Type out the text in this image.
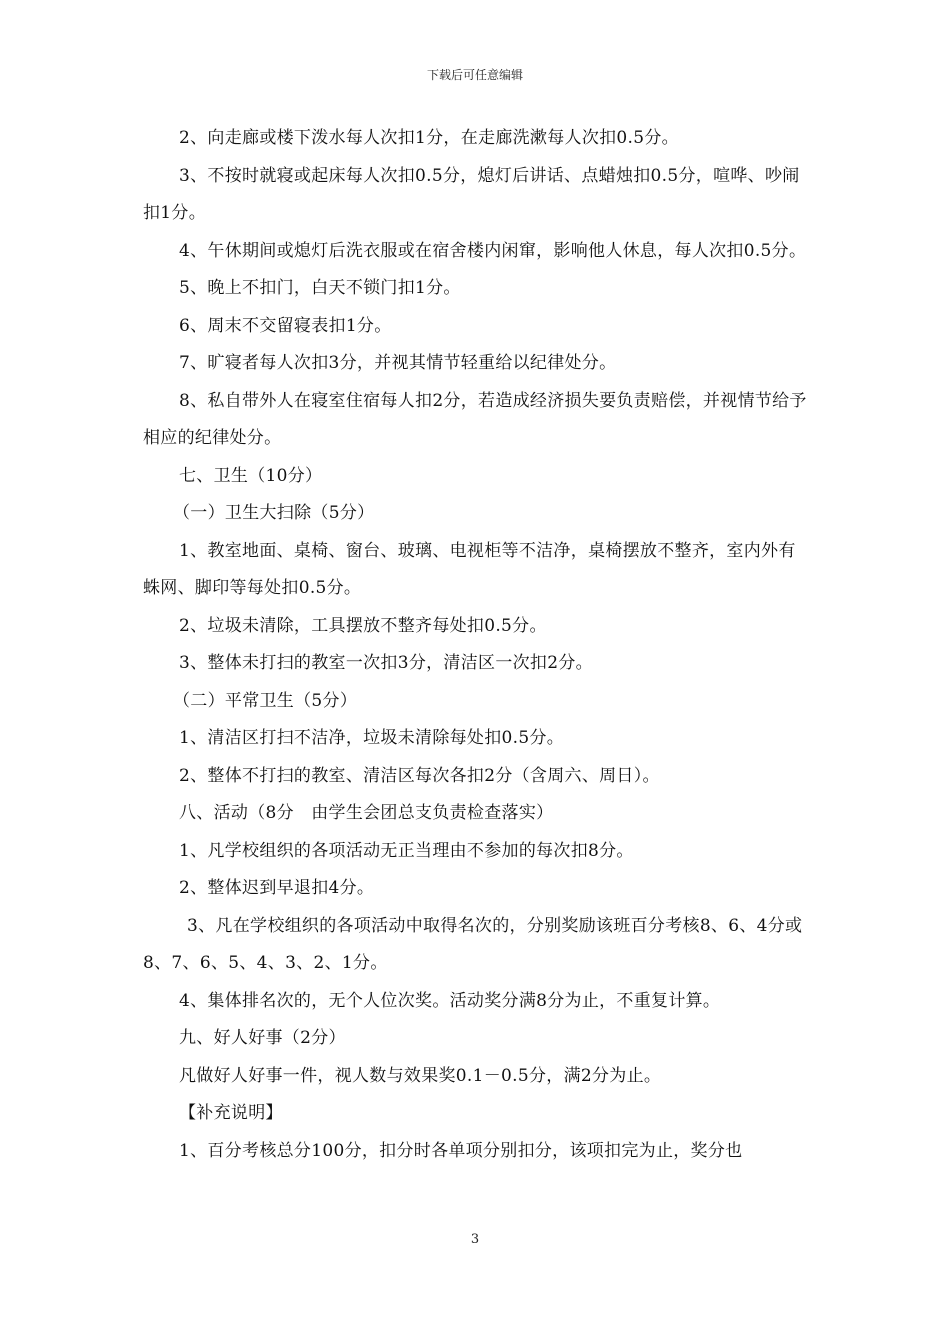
下载后可任意编辑

2、向走廊或楼下泼水每人次扣1分，在走廊洗漱每人次扣0.5分。

3、不按时就寝或起床每人次扣0.5分，熄灯后讲话、点蜡烛扣0.5分，喧哗、吵闹扣1分。

4、午休期间或熄灯后洗衣服或在宿舍楼内闲窜，影响他人休息，每人次扣0.5分。

5、晚上不扣门，白天不锁门扣1分。

6、周末不交留寝表扣1分。

7、旷寝者每人次扣3分，并视其情节轻重给以纪律处分。

8、私自带外人在寝室住宿每人扣2分，若造成经济损失要负责赔偿，并视情节给予相应的纪律处分。

七、卫生（10分）

（一）卫生大扫除（5分）

1、教室地面、桌椅、窗台、玻璃、电视柜等不洁净，桌椅摆放不整齐，室内外有蛛网、脚印等每处扣0.5分。

2、垃圾未清除，工具摆放不整齐每处扣0.5分。

3、整体未打扫的教室一次扣3分，清洁区一次扣2分。

（二）平常卫生（5分）

1、清洁区打扫不洁净，垃圾未清除每处扣0.5分。

2、整体不打扫的教室、清洁区每次各扣2分（含周六、周日）。

八、活动（8分　由学生会团总支负责检查落实）

1、凡学校组织的各项活动无正当理由不参加的每次扣8分。

2、整体迟到早退扣4分。

3、凡在学校组织的各项活动中取得名次的，分别奖励该班百分考核8、6、4分或8、7、6、5、4、3、2、1分。

4、集体排名次的，无个人位次奖。活动奖分满8分为止，不重复计算。

九、好人好事（2分）

凡做好人好事一件，视人数与效果奖0.1－0.5分，满2分为止。

【补充说明】

1、百分考核总分100分，扣分时各单项分别扣分，该项扣完为止，奖分也

3
